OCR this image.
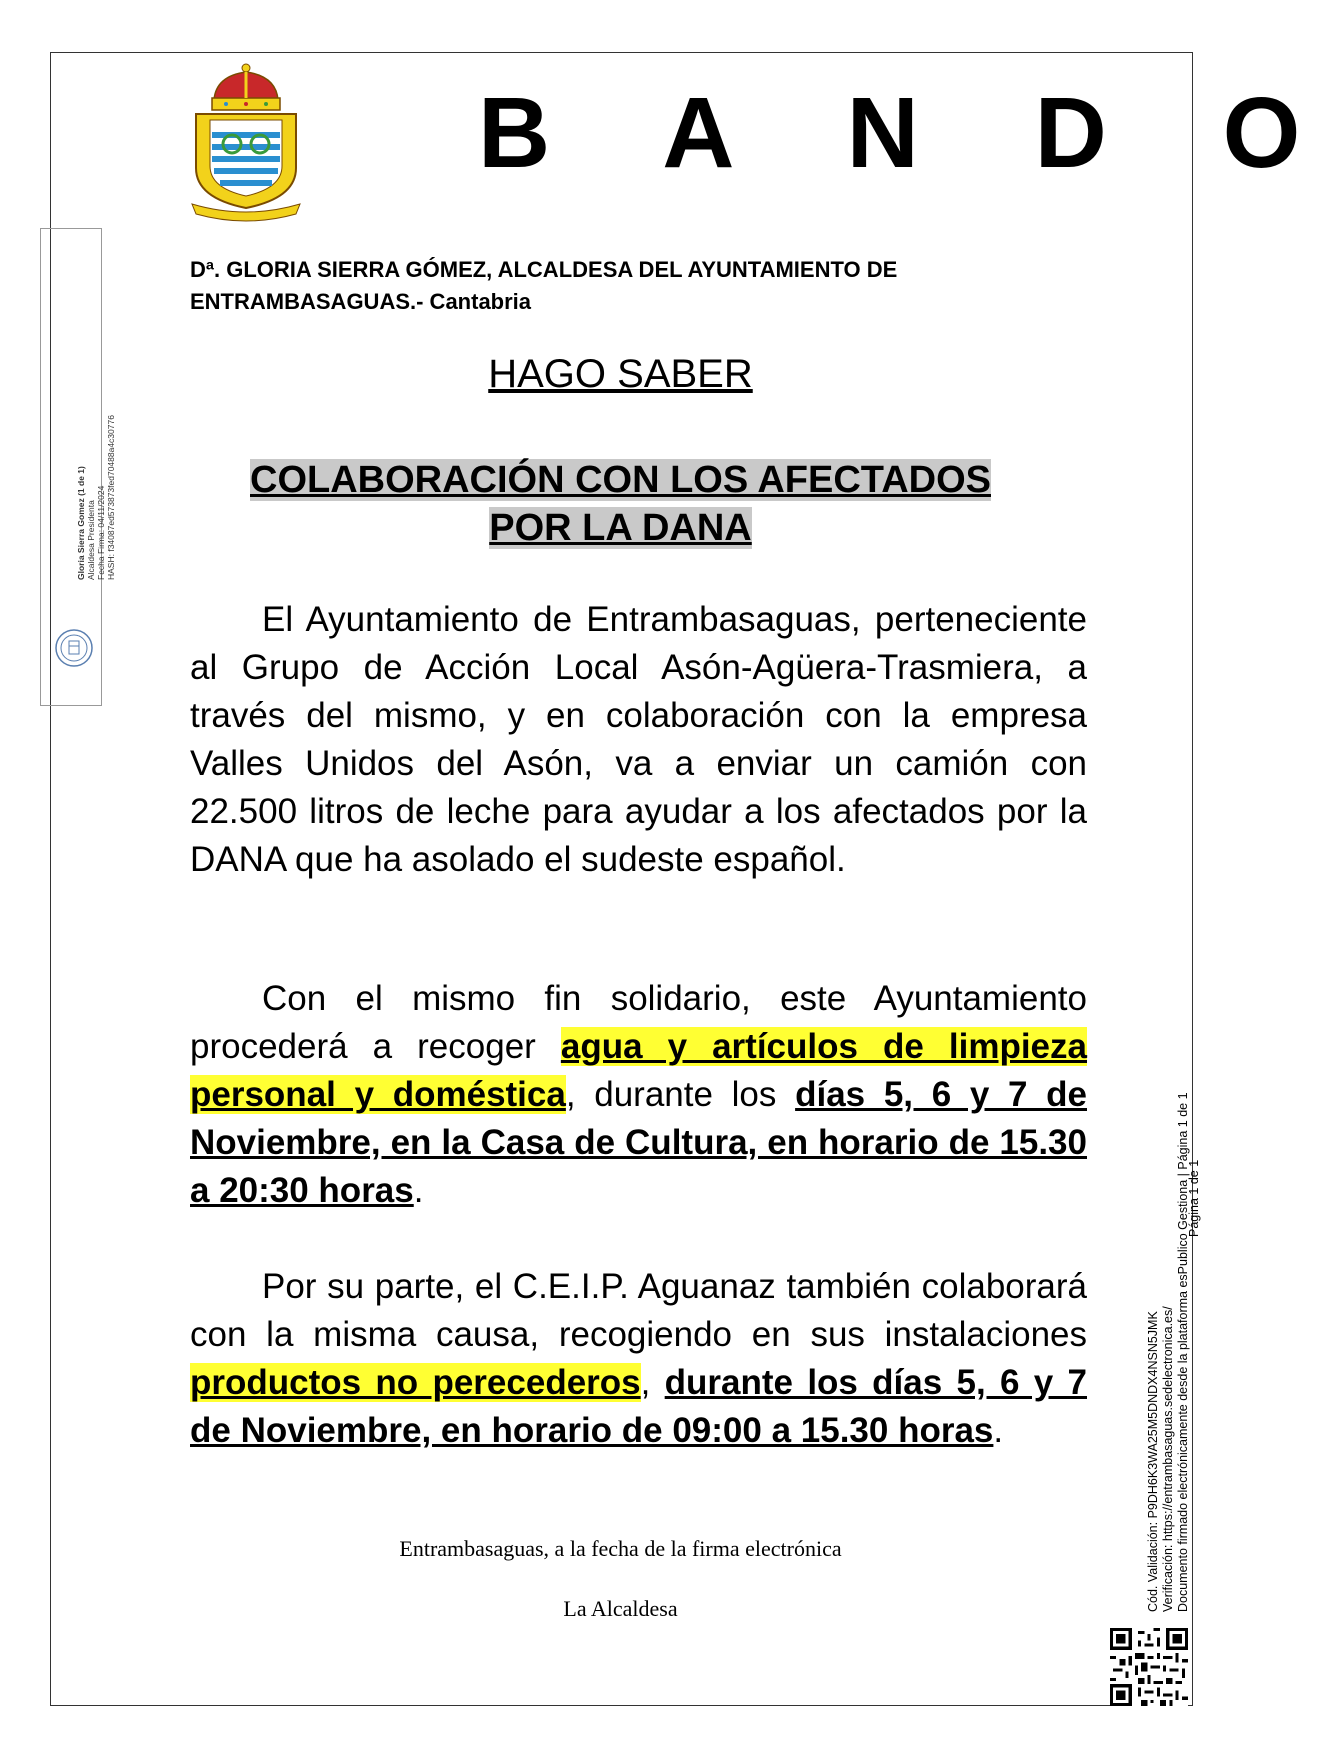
B A N D O
Dª. GLORIA SIERRA GÓMEZ, ALCALDESA DEL AYUNTAMIENTO DE
ENTRAMBASAGUAS.- Cantabria
HAGO SABER
COLABORACIÓN CON LOS AFECTADOS
POR LA DANA
El Ayuntamiento de Entrambasaguas, perteneciente al Grupo de Acción Local Asón-Agüera-Trasmiera, a través del mismo, y en colaboración con la empresa Valles Unidos del Asón, va a enviar un camión con 22.500 litros de leche para ayudar a los afectados por la DANA que ha asolado el sudeste español.
Con el mismo fin solidario, este Ayuntamiento procederá a recoger agua y artículos de limpieza personal y doméstica, durante los días 5, 6 y 7 de Noviembre, en la Casa de Cultura, en horario de 15.30 a 20:30 horas.
Por su parte, el C.E.I.P. Aguanaz también colaborará con la misma causa, recogiendo en sus instalaciones productos no perecederos, durante los días 5, 6 y 7 de Noviembre, en horario de 09:00 a 15.30 horas.
Entrambasaguas, a la fecha de la firma electrónica
La Alcaldesa
Gloria Sierra Gomez (1 de 1) Alcaldesa Presidenta Fecha Firma: 04/11/2024 HASH: f34087ed573873fed70488a4c30776
Cód. Validación: P9DH6K3WA25M5DNDX4NSN5JMK Verificación: https://entrambasaguas.sedelectronica.es/ Documento firmado electrónicamente desde la plataforma esPublico Gestiona | Página 1 de 1
Página 1 de 1
